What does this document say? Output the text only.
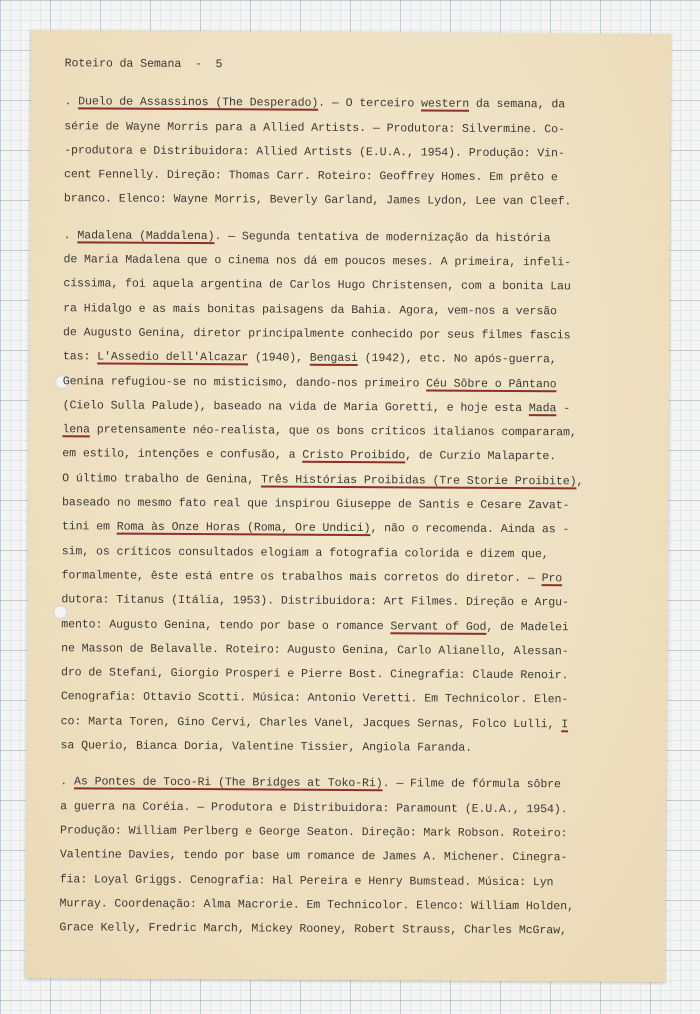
Roteiro da Semana  -  5
. Duelo de Assassinos (The Desperado). — O terceiro western da semana, da
série de Wayne Morris para a Allied Artists. — Produtora: Silvermine. Co-
-produtora e Distribuidora: Allied Artists (E.U.A., 1954). Produção: Vin-
cent Fennelly. Direção: Thomas Carr. Roteiro: Geoffrey Homes. Em prêto e
branco. Elenco: Wayne Morris, Beverly Garland, James Lydon, Lee van Cleef.
. Madalena (Maddalena). — Segunda tentativa de modernização da história
de Maria Madalena que o cinema nos dá em poucos meses. A primeira, infeli-
císsima, foi aquela argentina de Carlos Hugo Christensen, com a bonita Lau
ra Hidalgo e as mais bonitas paisagens da Bahia. Agora, vem-nos a versão
de Augusto Genina, diretor principalmente conhecido por seus filmes fascis
tas: L'Assedio dell'Alcazar (1940), Bengasi (1942), etc. No após-guerra,
Genina refugiou-se no misticismo, dando-nos primeiro Céu Sôbre o Pântano
(Cielo Sulla Palude), baseado na vida de Maria Goretti, e hoje esta Mada -
lena pretensamente néo-realista, que os bons críticos italianos compararam,
em estilo, intenções e confusão, a Cristo Proibido, de Curzio Malaparte.
O último trabalho de Genina, Três Histórias Proibidas (Tre Storie Proibite),
baseado no mesmo fato real que inspirou Giuseppe de Santis e Cesare Zavat-
tini em Roma às Onze Horas (Roma, Ore Undici), não o recomenda. Ainda as -
sim, os críticos consultados elogiam a fotografia colorida e dizem que,
formalmente, êste está entre os trabalhos mais corretos do diretor. — Pro
dutora: Titanus (Itália, 1953). Distribuidora: Art Filmes. Direção e Argu-
mento: Augusto Genina, tendo por base o romance Servant of God, de Madelei
ne Masson de Belavalle. Roteiro: Augusto Genina, Carlo Alianello, Alessan-
dro de Stefani, Giorgio Prosperi e Pierre Bost. Cinegrafia: Claude Renoir.
Cenografia: Ottavio Scotti. Música: Antonio Veretti. Em Technicolor. Elen-
co: Marta Toren, Gino Cervi, Charles Vanel, Jacques Sernas, Folco Lulli, I
sa Querio, Bianca Doria, Valentine Tissier, Angiola Faranda.
. As Pontes de Toco-Ri (The Bridges at Toko-Ri). — Filme de fórmula sôbre
a guerra na Coréia. — Produtora e Distribuidora: Paramount (E.U.A., 1954).
Produção: William Perlberg e George Seaton. Direção: Mark Robson. Roteiro:
Valentine Davies, tendo por base um romance de James A. Michener. Cinegra-
fia: Loyal Griggs. Cenografia: Hal Pereira e Henry Bumstead. Música: Lyn
Murray. Coordenação: Alma Macrorie. Em Technicolor. Elenco: William Holden,
Grace Kelly, Fredric March, Mickey Rooney, Robert Strauss, Charles McGraw,
